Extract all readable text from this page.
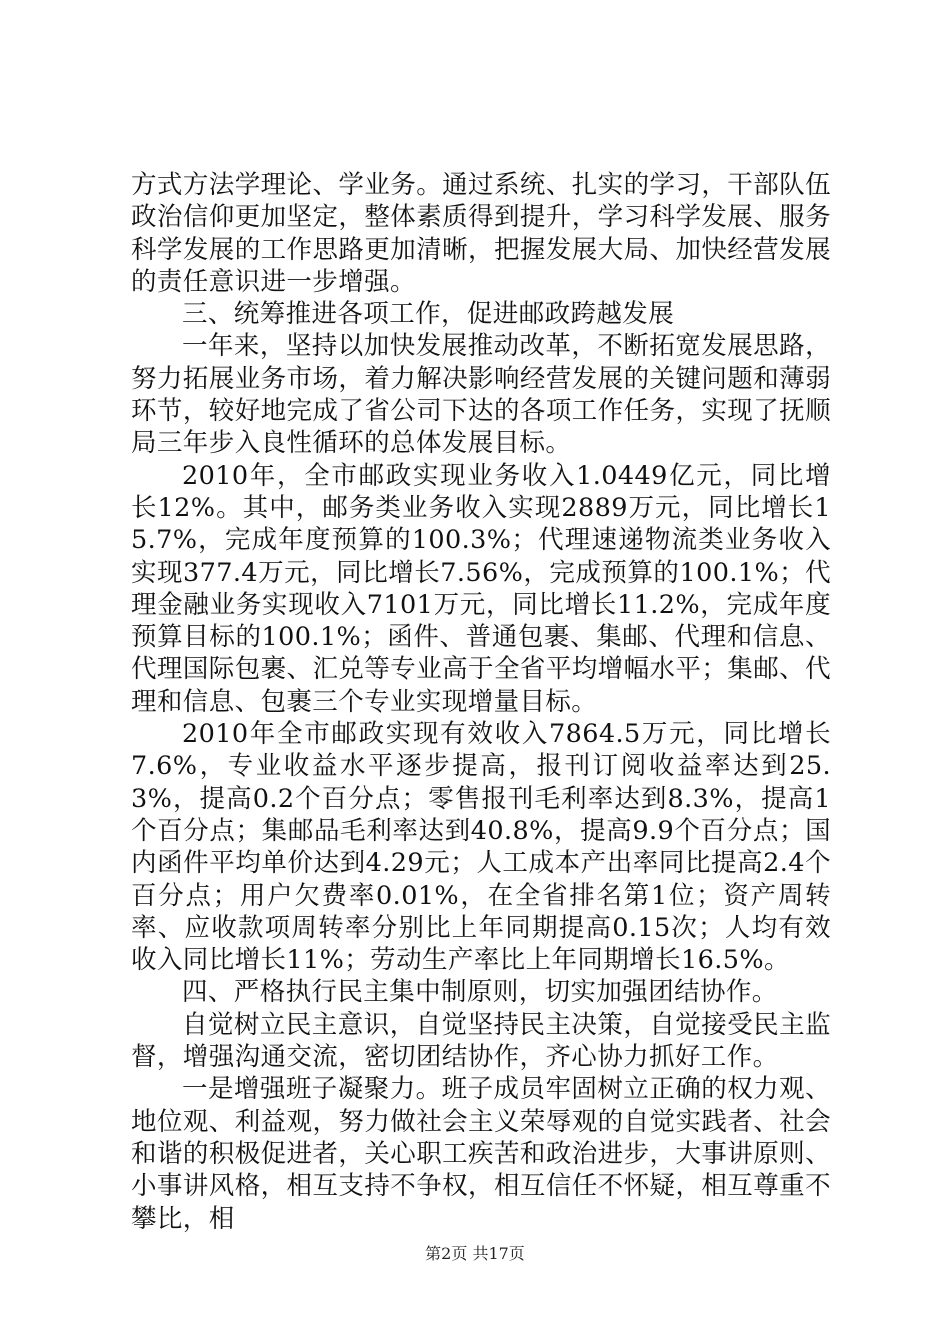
方式方法学理论、学业务。通过系统、扎实的学习，干部队伍政治信仰更加坚定，整体素质得到提升，学习科学发展、服务科学发展的工作思路更加清晰，把握发展大局、加快经营发展的责任意识进一步增强。

三、统筹推进各项工作，促进邮政跨越发展

一年来，坚持以加快发展推动改革，不断拓宽发展思路，努力拓展业务市场，着力解决影响经营发展的关键问题和薄弱环节，较好地完成了省公司下达的各项工作任务，实现了抚顺局三年步入良性循环的总体发展目标。

2010年，全市邮政实现业务收入1.0449亿元，同比增长12%。其中，邮务类业务收入实现2889万元，同比增长15.7%，完成年度预算的100.3%；代理速递物流类业务收入实现377.4万元，同比增长7.56%，完成预算的100.1%；代理金融业务实现收入7101万元，同比增长11.2%，完成年度预算目标的100.1%；函件、普通包裹、集邮、代理和信息、代理国际包裹、汇兑等专业高于全省平均增幅水平；集邮、代理和信息、包裹三个专业实现增量目标。

2010年全市邮政实现有效收入7864.5万元，同比增长7.6%，专业收益水平逐步提高，报刊订阅收益率达到25.3%，提高0.2个百分点；零售报刊毛利率达到8.3%，提高1个百分点；集邮品毛利率达到40.8%，提高9.9个百分点；国内函件平均单价达到4.29元；人工成本产出率同比提高2.4个百分点；用户欠费率0.01%，在全省排名第1位；资产周转率、应收款项周转率分别比上年同期提高0.15次；人均有效收入同比增长11%；劳动生产率比上年同期增长16.5%。

四、严格执行民主集中制原则，切实加强团结协作。

自觉树立民主意识，自觉坚持民主决策，自觉接受民主监督，增强沟通交流，密切团结协作，齐心协力抓好工作。

一是增强班子凝聚力。班子成员牢固树立正确的权力观、地位观、利益观，努力做社会主义荣辱观的自觉实践者、社会和谐的积极促进者，关心职工疾苦和政治进步，大事讲原则、小事讲风格，相互支持不争权，相互信任不怀疑，相互尊重不攀比，相

第2页 共17页
